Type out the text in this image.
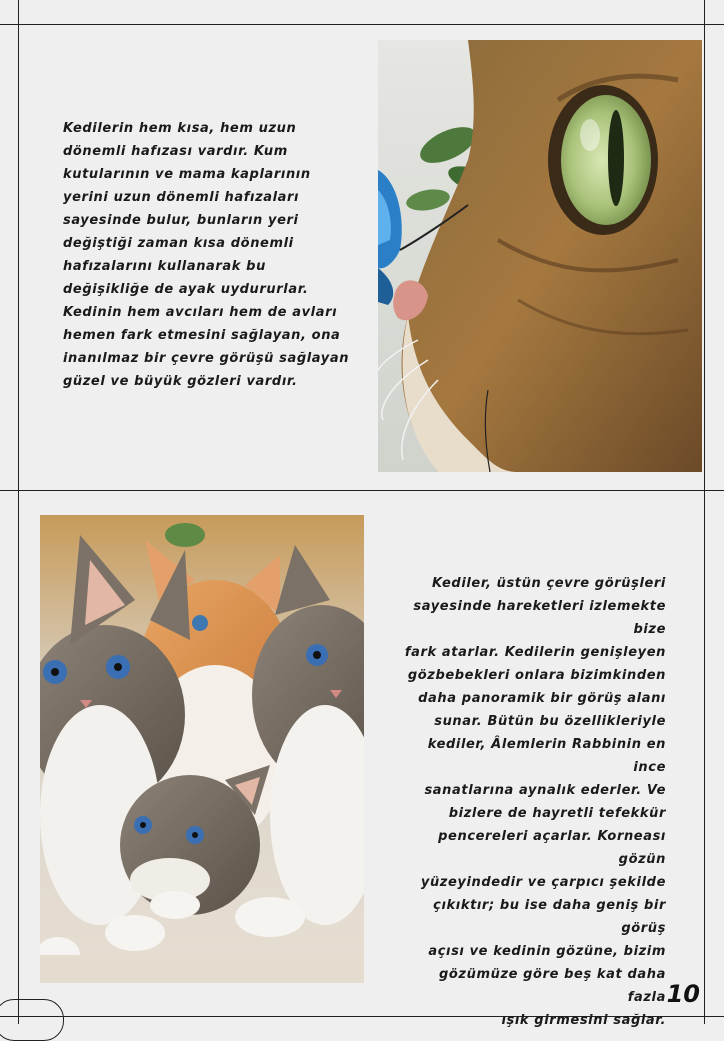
Kedilerin hem kısa, hem uzun
dönemli hafızası vardır. Kum
kutularının ve mama kaplarının
yerini uzun dönemli hafızaları
sayesinde bulur, bunların yeri
değiştiği zaman kısa dönemli
hafızalarını kullanarak bu
değişikliğe de ayak uydururlar.
Kedinin hem avcıları hem de avları
hemen fark etmesini sağlayan, ona
inanılmaz bir çevre görüşü sağlayan
güzel ve büyük gözleri vardır.
Kediler, üstün çevre görüşleri
sayesinde hareketleri izlemekte bize
fark atarlar. Kedilerin genişleyen
gözbebekleri onlara bizimkinden
daha panoramik bir görüş alanı
sunar. Bütün bu özellikleriyle
kediler, Âlemlerin Rabbinin en ince
sanatlarına aynalık ederler. Ve
bizlere de hayretli tefekkür
pencereleri açarlar. Korneası gözün
yüzeyindedir ve çarpıcı şekilde
çıkıktır; bu ise daha geniş bir görüş
açısı ve kedinin gözüne, bizim
gözümüze göre beş kat daha fazla
ışık girmesini sağlar.
10
